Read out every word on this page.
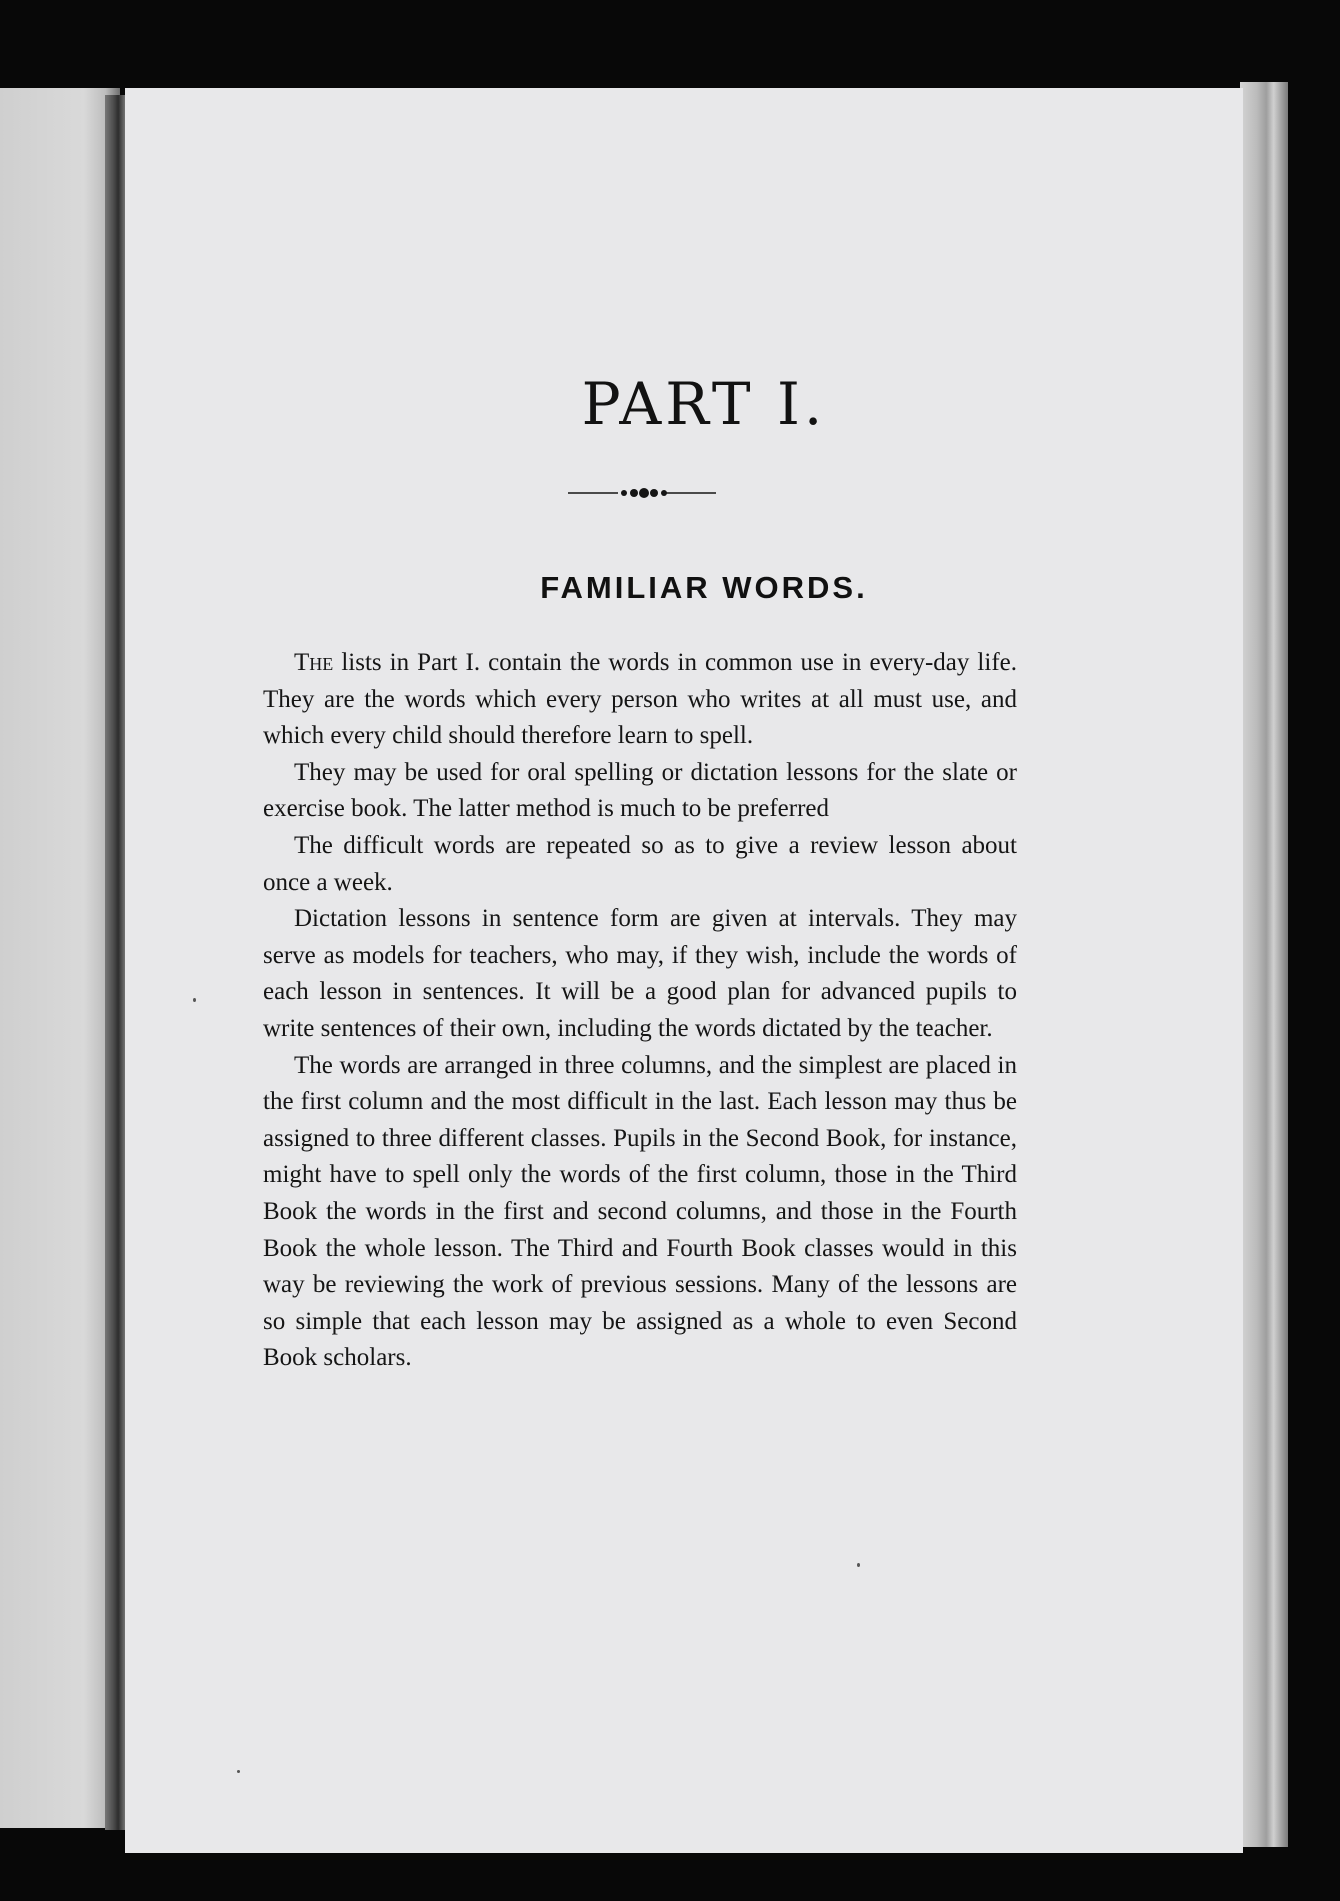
PART I.
FAMILIAR WORDS.

The lists in Part I. contain the words in common use in every-day life. They are the words which every person who writes at all must use, and which every child should therefore learn to spell.

They may be used for oral spelling or dictation lessons for the slate or exercise book. The latter method is much to be preferred

The difficult words are repeated so as to give a review lesson about once a week.

Dictation lessons in sentence form are given at intervals. They may serve as models for teachers, who may, if they wish, include the words of each lesson in sentences. It will be a good plan for advanced pupils to write sentences of their own, including the words dictated by the teacher.

The words are arranged in three columns, and the simplest are placed in the first column and the most difficult in the last. Each lesson may thus be assigned to three different classes. Pupils in the Second Book, for instance, might have to spell only the words of the first column, those in the Third Book the words in the first and second columns, and those in the Fourth Book the whole lesson. The Third and Fourth Book classes would in this way be reviewing the work of previous sessions. Many of the lessons are so simple that each lesson may be assigned as a whole to even Second Book scholars.
